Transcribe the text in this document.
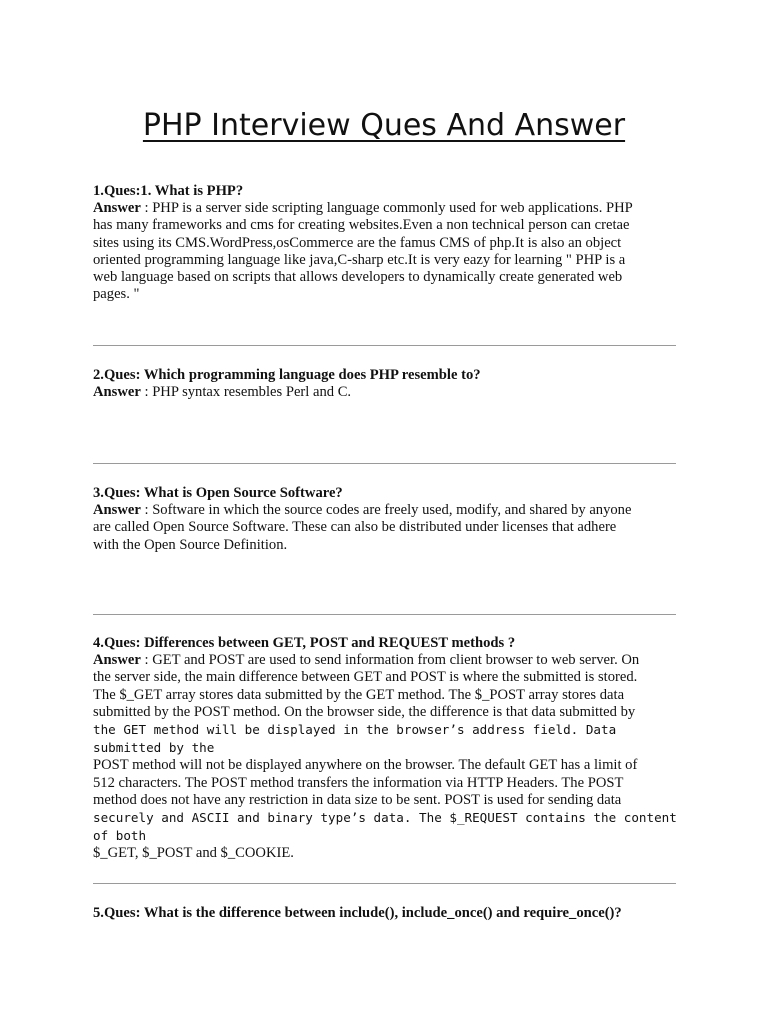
PHP Interview Ques And Answer

1.Ques:1. What is PHP?

Answer : PHP is a server side scripting language commonly used for web applications. PHP
has many frameworks and cms for creating websites.Even a non technical person can cretae
sites using its CMS.WordPress,osCommerce are the famus CMS of php.It is also an object
oriented programming language like java,C-sharp etc.It is very eazy for learning " PHP is a
web language based on scripts that allows developers to dynamically create generated web
pages. "

2.Ques: Which programming language does PHP resemble to?

Answer : PHP syntax resembles Perl and C.

3.Ques: What is Open Source Software?

Answer : Software in which the source codes are freely used, modify, and shared by anyone
are called Open Source Software. These can also be distributed under licenses that adhere
with the Open Source Definition.

4.Ques: Differences between GET, POST and REQUEST methods ?

Answer : GET and POST are used to send information from client browser to web server. On
the server side, the main difference between GET and POST is where the submitted is stored.
The $_GET array stores data submitted by the GET method. The $_POST array stores data
submitted by the POST method. On the browser side, the difference is that data submitted by
the GET method will be displayed in the browser’s address field. Data submitted by the
POST method will not be displayed anywhere on the browser. The default GET has a limit of
512 characters. The POST method transfers the information via HTTP Headers. The POST
method does not have any restriction in data size to be sent. POST is used for sending data
securely and ASCII and binary type’s data. The $_REQUEST contains the content of both
$_GET, $_POST and $_COOKIE.

5.Ques: What is the difference between include(), include_once() and require_once()?
